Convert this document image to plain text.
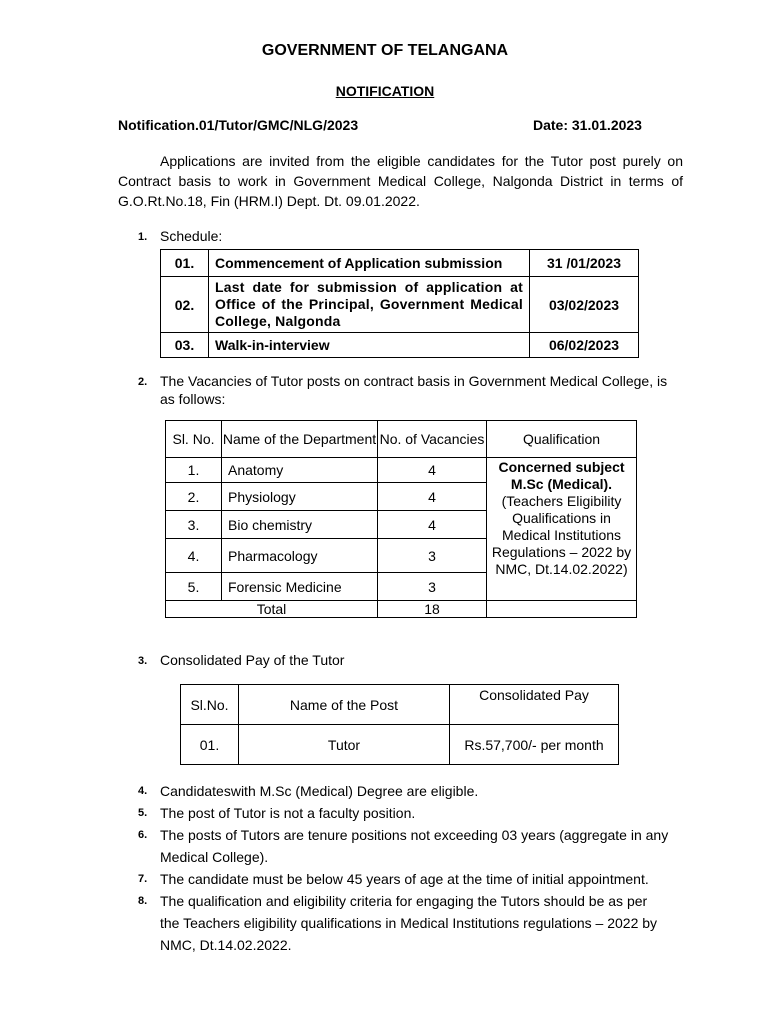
GOVERNMENT OF TELANGANA
NOTIFICATION
Notification.01/Tutor/GMC/NLG/2023	Date: 31.01.2023
Applications are invited from the eligible candidates for the Tutor post purely on Contract basis to work in Government Medical College, Nalgonda District in terms of G.O.Rt.No.18, Fin (HRM.I) Dept. Dt. 09.01.2022.
1. Schedule:
01.	Commencement of Application submission	31 /01/2023
02.	Last date for submission of application at Office of the Principal, Government Medical College, Nalgonda	03/02/2023
03.	Walk-in-interview	06/02/2023
2. The Vacancies of Tutor posts on contract basis in Government Medical College, is as follows:
Sl. No.	Name of the Department	No. of Vacancies	Qualification
1.	Anatomy	4	Concerned subject M.Sc (Medical).
(Teachers Eligibility Qualifications in Medical Institutions Regulations – 2022 by NMC, Dt.14.02.2022)

2.	Physiology	4	
3.	Bio chemistry	4	
4.	Pharmacology	3	
5.	Forensic Medicine	3	
Total		18	
3. Consolidated Pay of the Tutor
Sl.No.	Name of the Post	Consolidated Pay
01.	Tutor	Rs.57,700/- per month
4. Candidateswith M.Sc (Medical) Degree are eligible.
5. The post of Tutor is not a faculty position.
6. The posts of Tutors are tenure positions not exceeding 03 years (aggregate in any
Medical College).
7. The candidate must be below 45 years of age at the time of initial appointment.
8. The qualification and eligibility criteria for engaging the Tutors should be as per
the Teachers eligibility qualifications in Medical Institutions regulations – 2022 by
NMC, Dt.14.02.2022.
